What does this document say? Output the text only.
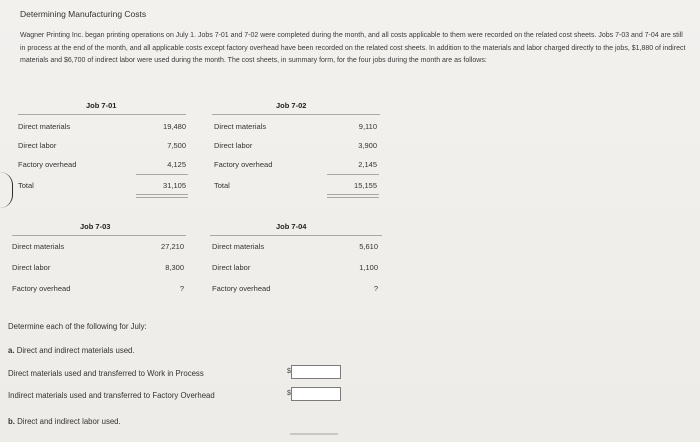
Determining Manufacturing Costs
Wagner Printing Inc. began printing operations on July 1. Jobs 7-01 and 7-02 were completed during the month, and all costs applicable to them were recorded on the related cost sheets. Jobs 7-03 and 7-04 are still in process at the end of the month, and all applicable costs except factory overhead have been recorded on the related cost sheets. In addition to the materials and labor charged directly to the jobs, $1,880 of indirect materials and $6,700 of indirect labor were used during the month. The cost sheets, in summary form, for the four jobs during the month are as follows:
Job 7-01
Direct materials	19,480
Direct labor	7,500
Factory overhead	4,125
Total	31,105
Job 7-02
Direct materials	9,110
Direct labor	3,900
Factory overhead	2,145
Total	15,155
Job 7-03
Direct materials	27,210
Direct labor	8,300
Factory overhead	?
Job 7-04
Direct materials	5,610
Direct labor	1,100
Factory overhead	?
Determine each of the following for July:
a. Direct and indirect materials used.
Direct materials used and transferred to Work in Process	$
Indirect materials used and transferred to Factory Overhead	$
b. Direct and indirect labor used.
